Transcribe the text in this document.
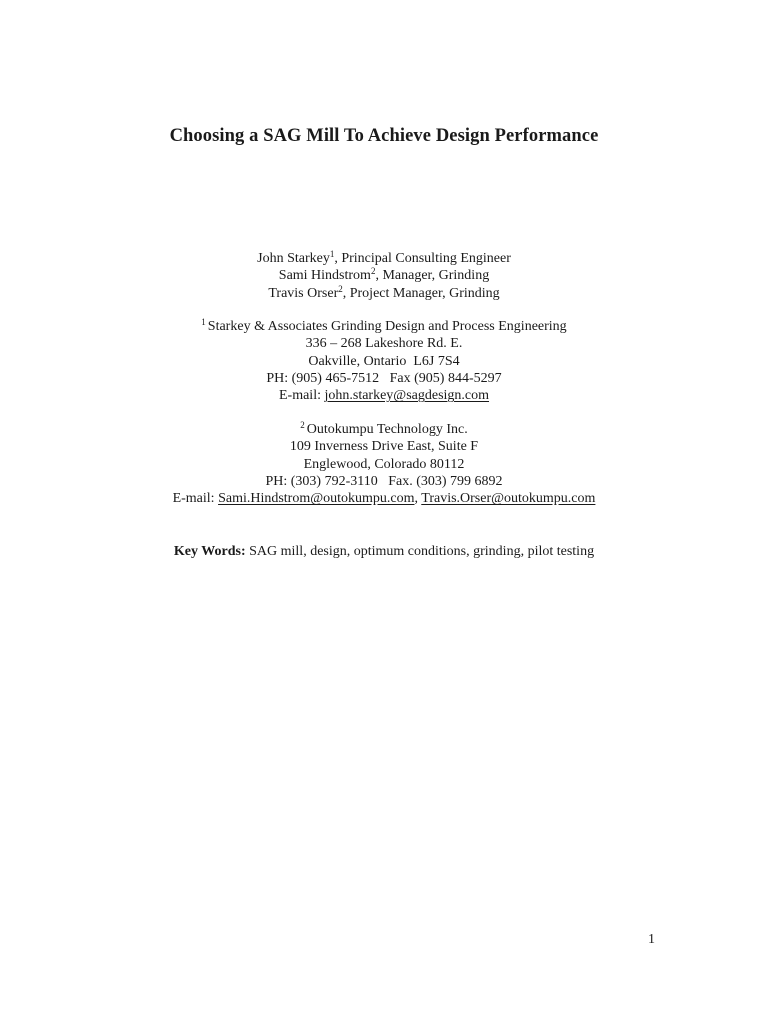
Choosing a SAG Mill To Achieve Design Performance
John Starkey$^1$, Principal Consulting Engineer
Sami Hindstrom$^2$, Manager, Grinding
Travis Orser$^2$, Project Manager, Grinding
$^1$ Starkey & Associates Grinding Design and Process Engineering
336 – 268 Lakeshore Rd. E.
Oakville, Ontario  L6J 7S4
PH: (905) 465-7512   Fax (905) 844-5297
E-mail: john.starkey@sagdesign.com
$^2$ Outokumpu Technology Inc.
109 Inverness Drive East, Suite F
Englewood, Colorado 80112
PH: (303) 792-3110   Fax. (303) 799 6892
E-mail: Sami.Hindstrom@outokumpu.com, Travis.Orser@outokumpu.com
Key Words: SAG mill, design, optimum conditions, grinding, pilot testing
1
